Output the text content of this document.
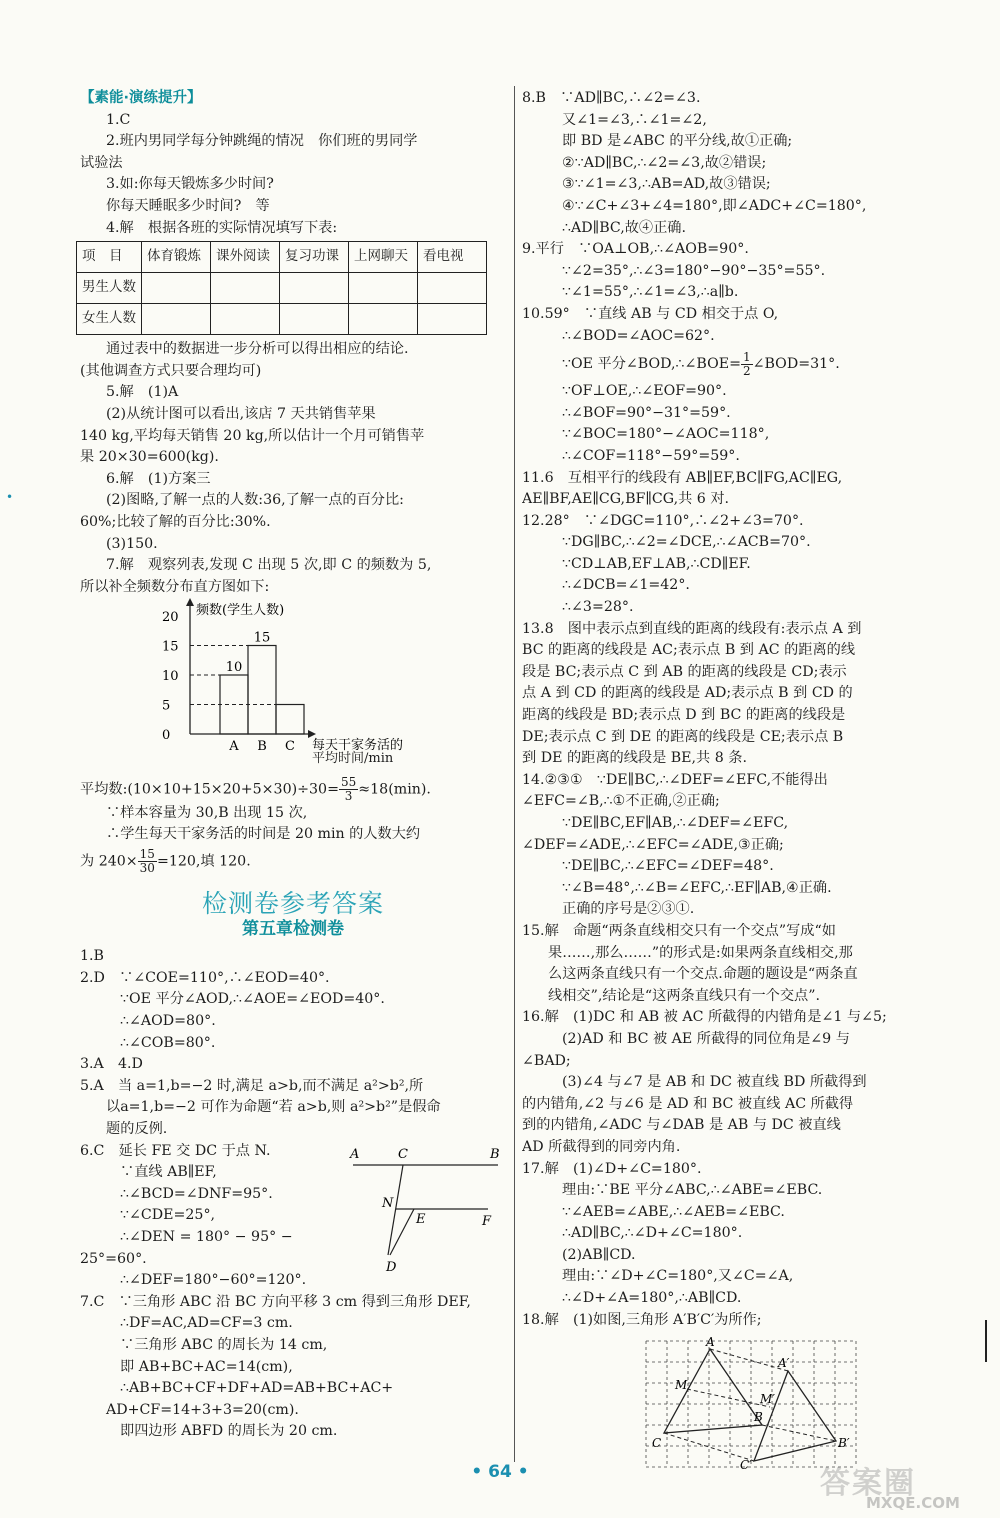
•
【素能·演练提升】
1.C
2.班内男同学每分钟跳绳的情况　你们班的男同学
试验法
3.如:你每天锻炼多少时间?
你每天睡眠多少时间?　等
4.解　根据各班的实际情况填写下表:
项　目	体育锻炼	课外阅读	复习功课	上网聊天	看电视
男生人数					
女生人数					
通过表中的数据进一步分析可以得出相应的结论.
(其他调查方式只要合理均可)
5.解　(1)A
(2)从统计图可以看出,该店 7 天共销售苹果
140 kg,平均每天销售 20 kg,所以估计一个月可销售苹
果 20×30=600(kg).
6.解　(1)方案三
(2)图略,了解一点的人数:36,了解一点的百分比:
60%;比较了解的百分比:30%.
(3)150.
7.解　观察列表,发现 C 出现 5 次,即 C 的频数为 5,
所以补全频数分布直方图如下:
10
15
0
5
10
15
20
A B C
频数(学生人数)
每天干家务活的
平均时间/min
平均数:(10×10+15×20+5×30)÷30= $\frac{55}{3} \approx 18(\min)$.
∵样本容量为 30,B 出现 15 次,
∴学生每天干家务活的时间是 20 min 的人数大约
为 $240\times \frac{15}{30} =120$,填 120.
检测卷参考答案
第五章检测卷
1.B
2.D　∵∠COE=110°,∴∠EOD=40°.
∵OE 平分∠AOD,∴∠AOE=∠EOD=40°.
∴∠AOD=80°.
∴∠COB=80°.
3.A　4.D
5.A　当 a=1,b=−2 时,满足 a>b,而不满足 a²>b²,所
以a=1,b=−2 可作为命题“若 a>b,则 a²>b²”是假命
题的反例.
6.C　延长 FE 交 DC 于点 N.
∵直线 AB∥EF,
∴∠BCD=∠DNF=95°.
∵∠CDE=25°,
∴∠DEN = 180° − 95° −
25°=60°.
∴∠DEF=180°−60°=120°.
A	C	B
N
E	F
D
7.C　∵三角形 ABC 沿 BC 方向平移 3 cm 得到三角形 DEF,
∴DF=AC,AD=CF=3 cm.
∵三角形 ABC 的周长为 14 cm,
即 AB+BC+AC=14(cm),
∴AB+BC+CF+DF+AD=AB+BC+AC+
AD+CF=14+3+3=20(cm).
即四边形 ABFD 的周长为 20 cm.
8.B　∵AD∥BC,∴∠2=∠3.
又∠1=∠3,∴∠1=∠2,
即 BD 是∠ABC 的平分线,故①正确;
②∵AD∥BC,∴∠2=∠3,故②错误;
③∵∠1=∠3,∴AB=AD,故③错误;
④∵∠C+∠3+∠4=180°,即∠ADC+∠C=180°,
∴AD∥BC,故④正确.
9.平行　∵OA⊥OB,∴∠AOB=90°.
∵∠2=35°,∴∠3=180°−90°−35°=55°.
∵∠1=55°,∴∠1=∠3,∴a∥b.
10.59°　∵直线 AB 与 CD 相交于点 O,
∴∠BOD=∠AOC=62°.
∵OE 平分∠BOD,∴∠BOE= $\frac{1}{2}$ ∠BOD=31°.
∵OF⊥OE,∴∠EOF=90°.
∴∠BOF=90°−31°=59°.
∵∠BOC=180°−∠AOC=118°,
∴∠COF=118°−59°=59°.
11.6　互相平行的线段有 AB∥EF,BC∥FG,AC∥EG,
AE∥BF,AE∥CG,BF∥CG,共 6 对.
12.28°　∵∠DGC=110°,∴∠2+∠3=70°.
∵DG∥BC,∴∠2=∠DCE,∴∠ACB=70°.
∵CD⊥AB,EF⊥AB,∴CD∥EF.
∴∠DCB=∠1=42°.
∴∠3=28°.
13.8　图中表示点到直线的距离的线段有:表示点 A 到
BC 的距离的线段是 AC;表示点 B 到 AC 的距离的线
段是 BC;表示点 C 到 AB 的距离的线段是 CD;表示
点 A 到 CD 的距离的线段是 AD;表示点 B 到 CD 的
距离的线段是 BD;表示点 D 到 BC 的距离的线段是
DE;表示点 C 到 DE 的距离的线段是 CE;表示点 B
到 DE 的距离的线段是 BE,共 8 条.
14.②③①　∵DE∥BC,∴∠DEF=∠EFC,不能得出
∠EFC=∠B,∴①不正确,②正确;
∵DE∥BC,EF∥AB,∴∠DEF=∠EFC,
∠DEF=∠ADE,∴∠EFC=∠ADE,③正确;
∵DE∥BC,∴∠EFC=∠DEF=48°.
∵∠B=48°,∴∠B=∠EFC,∴EF∥AB,④正确.
正确的序号是②③①.
15.解　命题“两条直线相交只有一个交点”写成“如
果……,那么……”的形式是:如果两条直线相交,那
么这两条直线只有一个交点.命题的题设是“两条直
线相交”,结论是“这两条直线只有一个交点”.
16.解　(1)DC 和 AB 被 AC 所截得的内错角是∠1 与∠5;
(2)AD 和 BC 被 AE 所截得的同位角是∠9 与
∠BAD;
(3)∠4 与∠7 是 AB 和 DC 被直线 BD 所截得到
的内错角,∠2 与∠6 是 AD 和 BC 被直线 AC 所截得
到的内错角,∠ADC 与∠DAB 是 AB 与 DC 被直线
AD 所截得到的同旁内角.
17.解　(1)∠D+∠C=180°.
理由:∵BE 平分∠ABC,∴∠ABE=∠EBC.
∵∠AEB=∠ABE,∴∠AEB=∠EBC.
∴AD∥BC,∴∠D+∠C=180°.
(2)AB∥CD.
理由:∵∠D+∠C=180°,又∠C=∠A,
∴∠D+∠A=180°,∴AB∥CD.
18.解　(1)如图,三角形 A′B′C′为所作;
A
M
C
B
A′
M′
B′
C′
• 64 •	答案圈
MXQE.COM
